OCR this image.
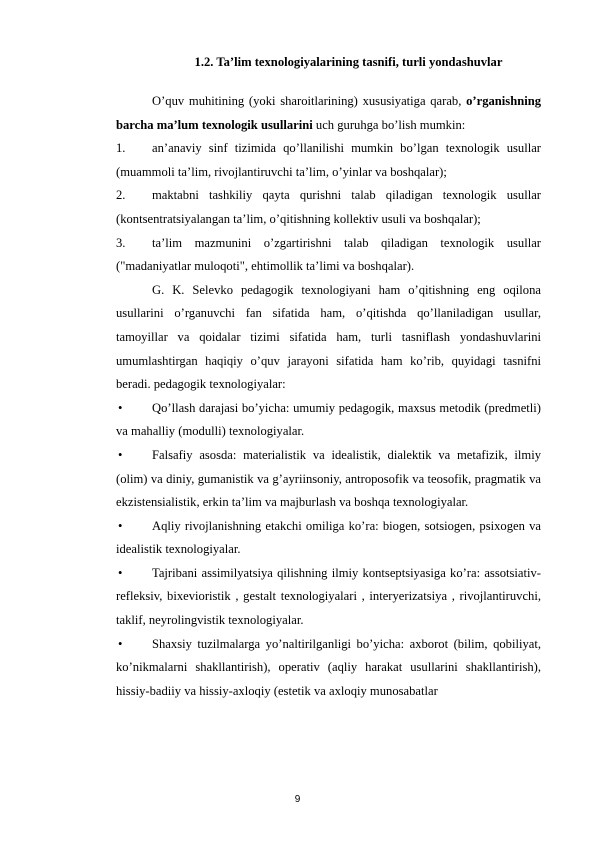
1.2. Ta’lim texnologiyalarining tasnifi, turli yondashuvlar

O’quv muhitining (yoki sharoitlarining) xususiyatiga qarab, o’rganishning barcha ma’lum texnologik usullarini uch guruhga bo’lish mumkin:

1. an’anaviy sinf tizimida qo’llanilishi mumkin bo’lgan texnologik usullar (muammoli ta’lim, rivojlantiruvchi ta’lim, o’yinlar va boshqalar);

2. maktabni tashkiliy qayta qurishni talab qiladigan texnologik usullar (kontsentratsiyalangan ta’lim, o’qitishning kollektiv usuli va boshqalar);

3. ta’lim mazmunini o’zgartirishni talab qiladigan texnologik usullar ("madaniyatlar muloqoti", ehtimollik ta’limi va boshqalar).

G. K. Selevko pedagogik texnologiyani ham o’qitishning eng oqilona usullarini o’rganuvchi fan sifatida ham, o’qitishda qo’llaniladigan usullar, tamoyillar va qoidalar tizimi sifatida ham, turli tasniflash yondashuvlarini umumlashtirgan haqiqiy o’quv jarayoni sifatida ham ko’rib, quyidagi tasnifni beradi. pedagogik texnologiyalar:

• Qo’llash darajasi bo’yicha: umumiy pedagogik, maxsus metodik (predmetli) va mahalliy (modulli) texnologiyalar.

• Falsafiy asosda: materialistik va idealistik, dialektik va metafizik, ilmiy (olim) va diniy, gumanistik va g’ayriinsoniy, antroposofik va teosofik, pragmatik va ekzistensialistik, erkin ta’lim va majburlash va boshqa texnologiyalar.

• Aqliy rivojlanishning etakchi omiliga ko’ra: biogen, sotsiogen, psixogen va idealistik texnologiyalar.

• Tajribani assimilyatsiya qilishning ilmiy kontseptsiyasiga ko’ra: assotsiativ-refleksiv, bixevioristik , gestalt texnologiyalari , interyerizatsiya , rivojlantiruvchi, taklif, neyrolingvistik texnologiyalar.

• Shaxsiy tuzilmalarga yo’naltirilganligi bo’yicha: axborot (bilim, qobiliyat, ko’nikmalarni shakllantirish), operativ (aqliy harakat usullarini shakllantirish), hissiy-badiiy va hissiy-axloqiy (estetik va axloqiy munosabatlar

9
